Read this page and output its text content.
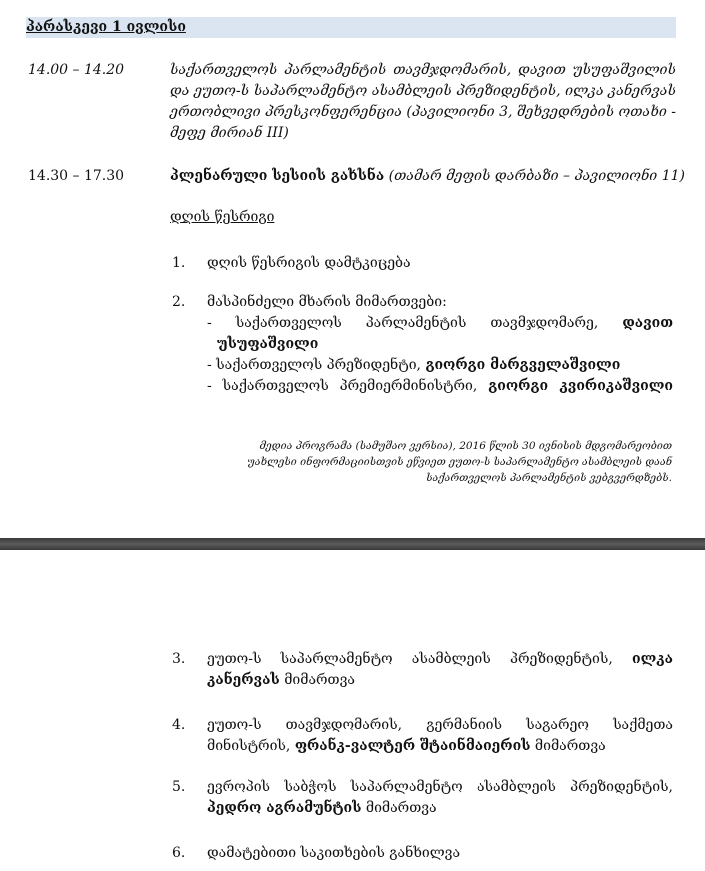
პარასკევი 1 ივლისი

14.00 – 14.20	საქართველოს პარლამენტის თავმჯდომარის, დავით უსუფაშვილის
და ეუთო-ს საპარლამენტო ასამბლეის პრეზიდენტის, ილკა კანერვას
ერთობლივი პრესკონფერენცია (პავილიონი 3, შეხვედრების ოთახი -
მეფე მირიან III)

14.30 – 17.30	პლენარული სესიის გახსნა (თამარ მეფის დარბაზი – პავილიონი 11)

დღის წესრიგი

1. დღის წესრიგის დამტკიცება

2. მასპინძელი მხარის მიმართვები:

- საქართველოს პარლამენტის თავმჯდომარე, დავით
უსუფაშვილი
- საქართველოს პრეზიდენტი, გიორგი მარგველაშვილი
- საქართველოს პრემიერმინისტრი, გიორგი კვირიკაშვილი
მედია პროგრამა (სამუშაო ვერსია), 2016 წლის 30 ივნისის მდგომარეობით
უახლესი ინფორმაციისთვის ეწვიეთ ეუთო-ს საპარლამენტო ასამბლეის დაან
საქართველოს პარლამენტის ვებგვერდზებს.

3. ეუთო-ს საპარლამენტო ასამბლეის პრეზიდენტის, ილკა
კანერვას მიმართვა

4. ეუთო-ს თავმჯდომარის, გერმანიის საგარეო საქმეთა
მინისტრის, ფრანკ-ვალტერ შტაინმაიერის მიმართვა

5. ევროპის საბჭოს საპარლამენტო ასამბლეის პრეზიდენტის,
პედრო აგრამუნტის მიმართვა

6. დამატებითი საკითხების განხილვა
